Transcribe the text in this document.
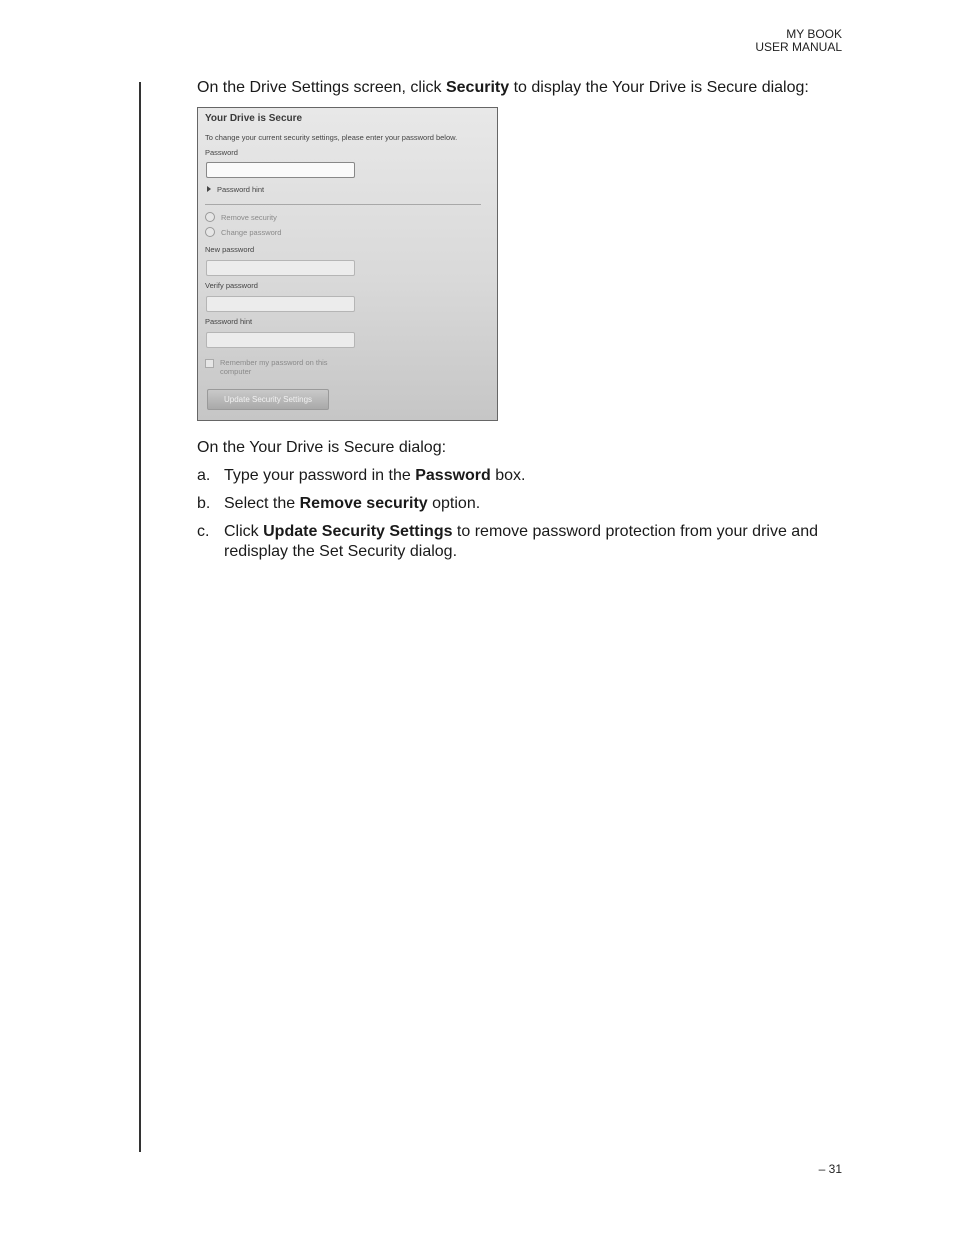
MY BOOK
USER MANUAL

On the Drive Settings screen, click Security to display the Your Drive is Secure dialog:

Your Drive is Secure
To change your current security settings, please enter your password below.
Password
Password hint
Remove security
Change password
New password
Verify password
Password hint
Remember my password on this computer
Update Security Settings

On the Your Drive is Secure dialog:

a. Type your password in the Password box.
b. Select the Remove security option.
c. Click Update Security Settings to remove password protection from your drive and redisplay the Set Security dialog.
– 31
